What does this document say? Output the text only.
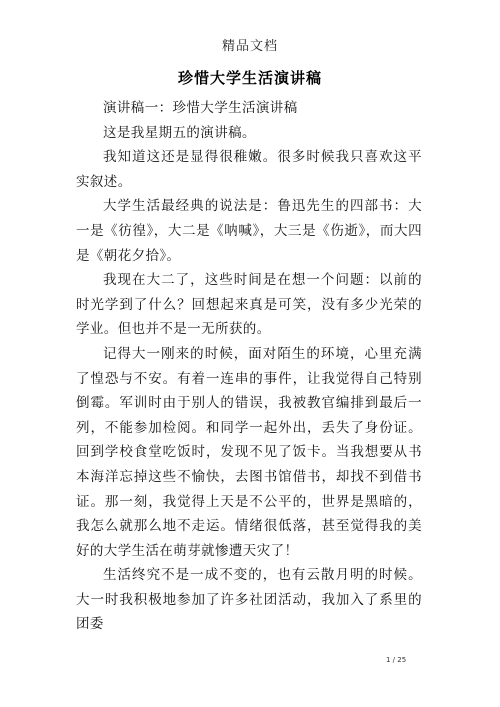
精品文档
珍惜大学生活演讲稿

演讲稿一：珍惜大学生活演讲稿

这是我星期五的演讲稿。

我知道这还是显得很稚嫩。很多时候我只喜欢这平实叙述。

大学生活最经典的说法是：鲁迅先生的四部书：大一是《彷徨》，大二是《呐喊》，大三是《伤逝》，而大四是《朝花夕拾》。

我现在大二了，这些时间是在想一个问题：以前的时光学到了什么？回想起来真是可笑，没有多少光荣的学业。但也并不是一无所获的。

记得大一刚来的时候，面对陌生的环境，心里充满了惶恐与不安。有着一连串的事件，让我觉得自己特别倒霉。军训时由于别人的错误，我被教官编排到最后一列，不能参加检阅。和同学一起外出，丢失了身份证。回到学校食堂吃饭时，发现不见了饭卡。当我想要从书本海洋忘掉这些不愉快，去图书馆借书，却找不到借书证。那一刻，我觉得上天是不公平的，世界是黑暗的，我怎么就那么地不走运。情绪很低落，甚至觉得我的美好的大学生活在萌芽就惨遭天灾了！

生活终究不是一成不变的，也有云散月明的时候。大一时我积极地参加了许多社团活动，我加入了系里的团委

1 / 25
